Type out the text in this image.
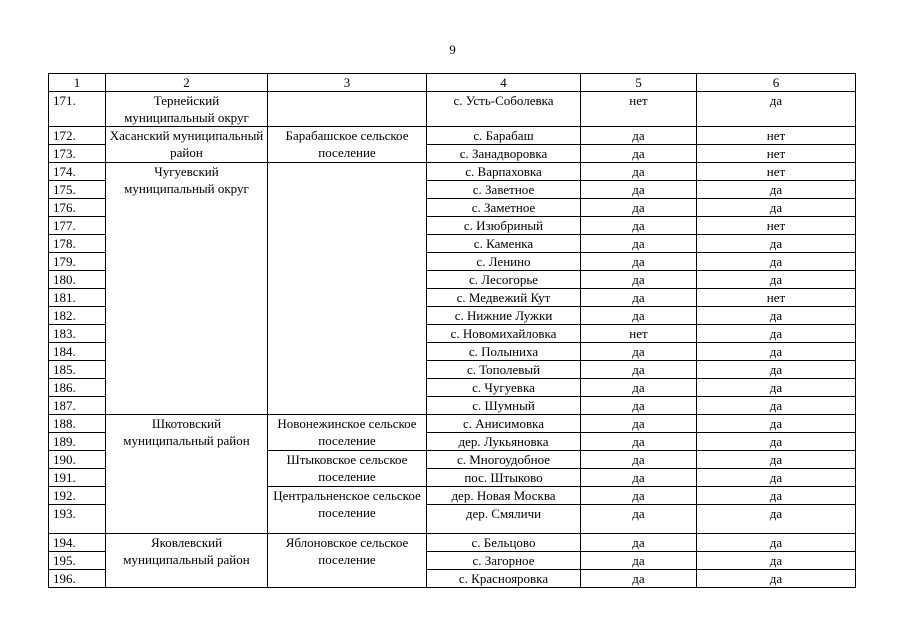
9
1	2	3	4	5	6
171.	Тернейский муниципальный округ		с. Усть-Соболевка	нет	да
172.	Хасанский муниципальный район	Барабашское сельское поселение	с. Барабаш	да	нет
173.			с. Занадворовка	да	нет
174.	Чугуевский муниципальный округ		с. Варпаховка	да	нет
175.			с. Заветное	да	да
176.			с. Заметное	да	да
177.			с. Изюбриный	да	нет
178.			с. Каменка	да	да
179.			с. Ленино	да	да
180.			с. Лесогорье	да	да
181.			с. Медвежий Кут	да	нет
182.			с. Нижние Лужки	да	да
183.			с. Новомихайловка	нет	да
184.			с. Полыниха	да	да
185.			с. Тополевый	да	да
186.			с. Чугуевка	да	да
187.			с. Шумный	да	да
188.	Шкотовский муниципальный район	Новонежинское сельское поселение	с. Анисимовка	да	да
189.			дер. Лукьяновка	да	да
190.		Штыковское сельское поселение	с. Многоудобное	да	да
191.			пос. Штыково	да	да
192.		Центральненское сельское поселение	дер. Новая Москва	да	да
193.			дер. Смяличи	да	да
194.	Яковлевский муниципальный район	Яблоновское сельское поселение	с. Бельцово	да	да
195.			с. Загорное	да	да
196.			с. Краснояровка	да	да
